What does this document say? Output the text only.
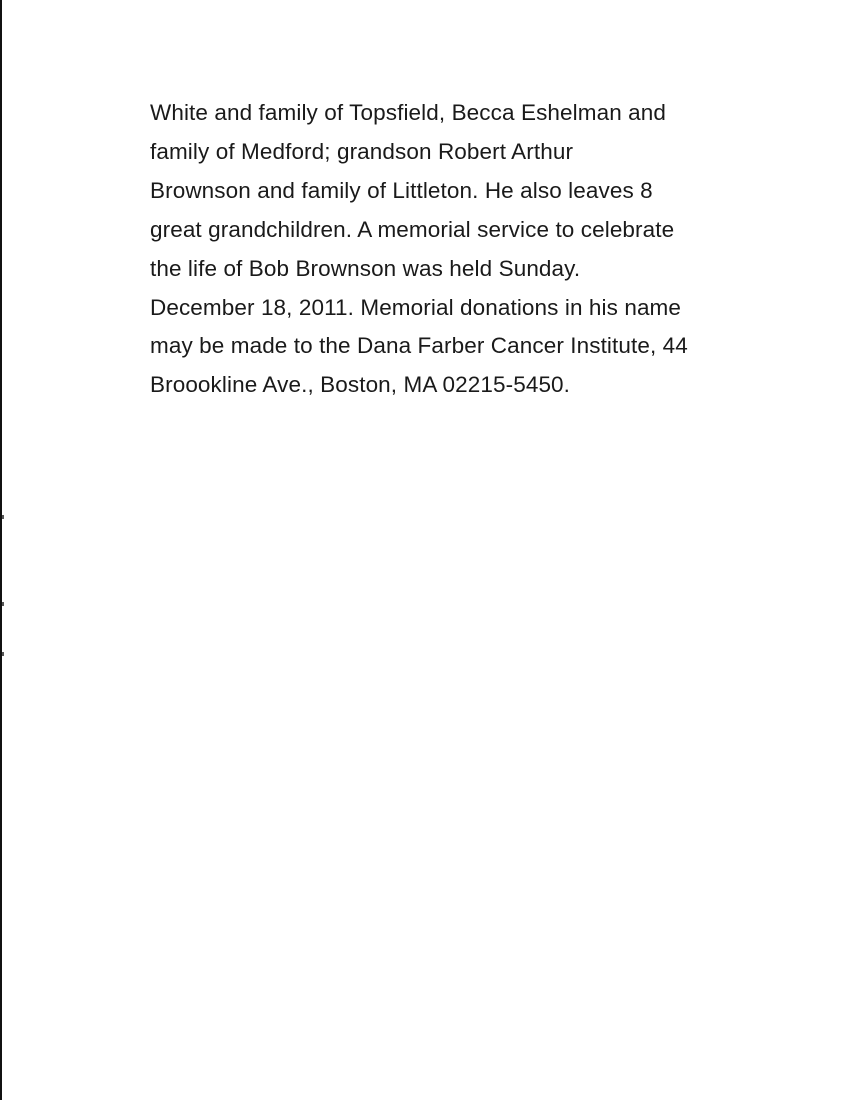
White and family of Topsfield, Becca Eshelman and
family of Medford; grandson Robert Arthur
Brownson and family of Littleton. He also leaves 8
great grandchildren. A memorial service to celebrate
the life of Bob Brownson was held Sunday.
December 18, 2011. Memorial donations in his name
may be made to the Dana Farber Cancer Institute, 44
Broookline Ave., Boston, MA 02215-5450.
